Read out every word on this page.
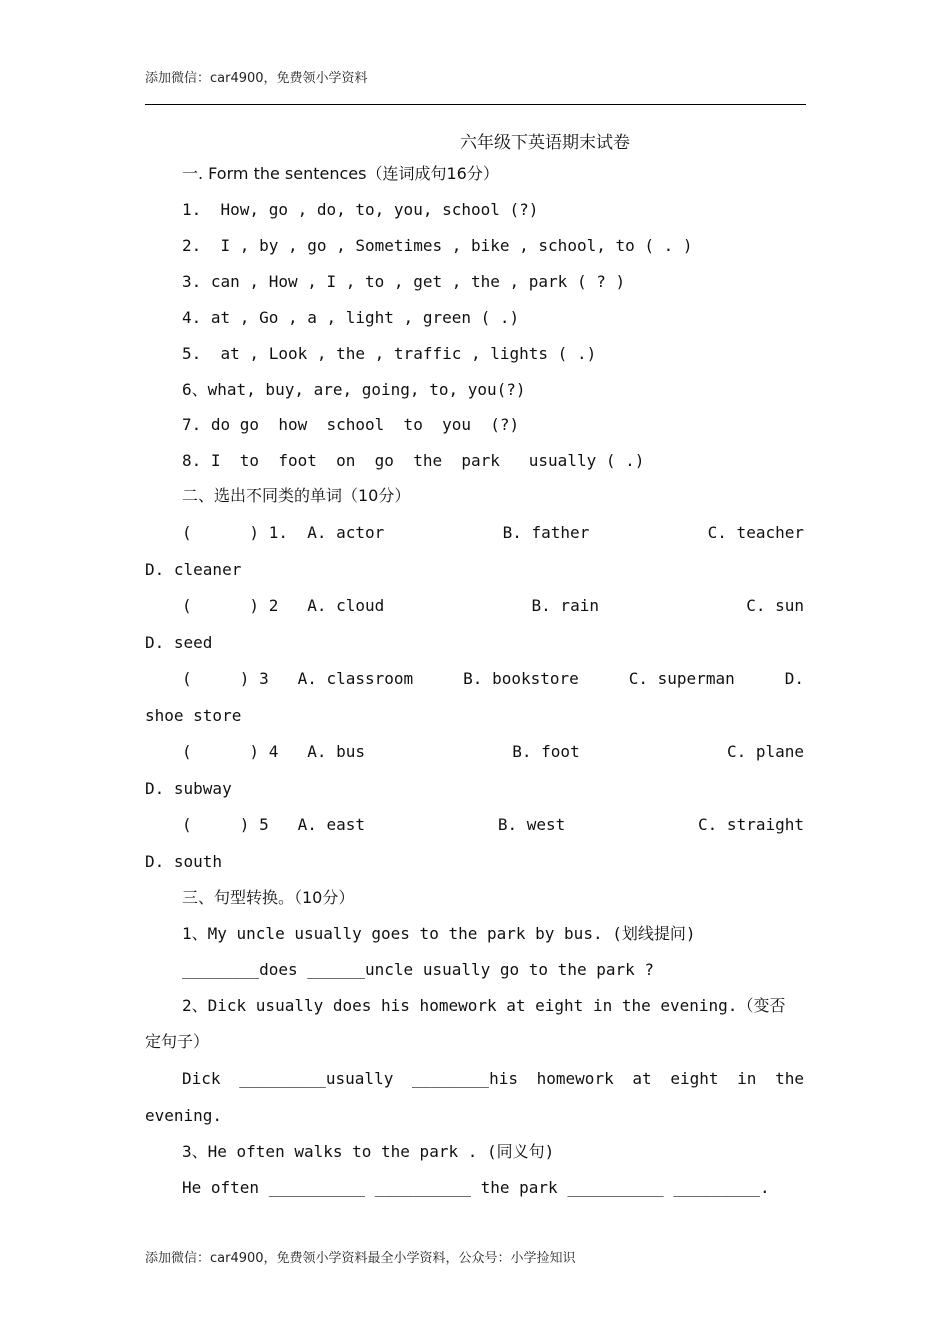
添加微信：car4900，免费领小学资料
六年级下英语期末试卷
一. Form the sentences（连词成句16分）
1.  How, go , do, to, you, school (?)
2.  I , by , go , Sometimes , bike , school, to ( . )
3. can , How , I , to , get , the , park ( ? )
4. at , Go , a , light , green ( .)
5.  at , Look , the , traffic , lights ( .)
6、what, buy, are, going, to, you(?)
7. do go  how  school  to  you  (?)
8. I  to  foot  on  go  the  park   usually ( .)
二、选出不同类的单词（10分）
(      ) 1.  A. actor	B. father	C. teacher
D. cleaner
(      ) 2   A. cloud	B. rain	C. sun
D. seed
(     ) 3   A. classroom	B. bookstore	C. superman	D.
shoe store
(      ) 4   A. bus	B. foot	C. plane
D. subway
(     ) 5   A. east	B. west	C. straight
D. south
三、句型转换。（10分）
1、My uncle usually goes to the park by bus. (划线提问)
________does ______uncle usually go to the park ?
2、Dick usually does his homework at eight in the evening.（变否
定句子）
Dick _________usually ________his homework at eight in the
evening.
3、He often walks to the park . (同义句)
He often __________ __________ the park __________ _________.
添加微信：car4900，免费领小学资料最全小学资料，公众号：小学捡知识
